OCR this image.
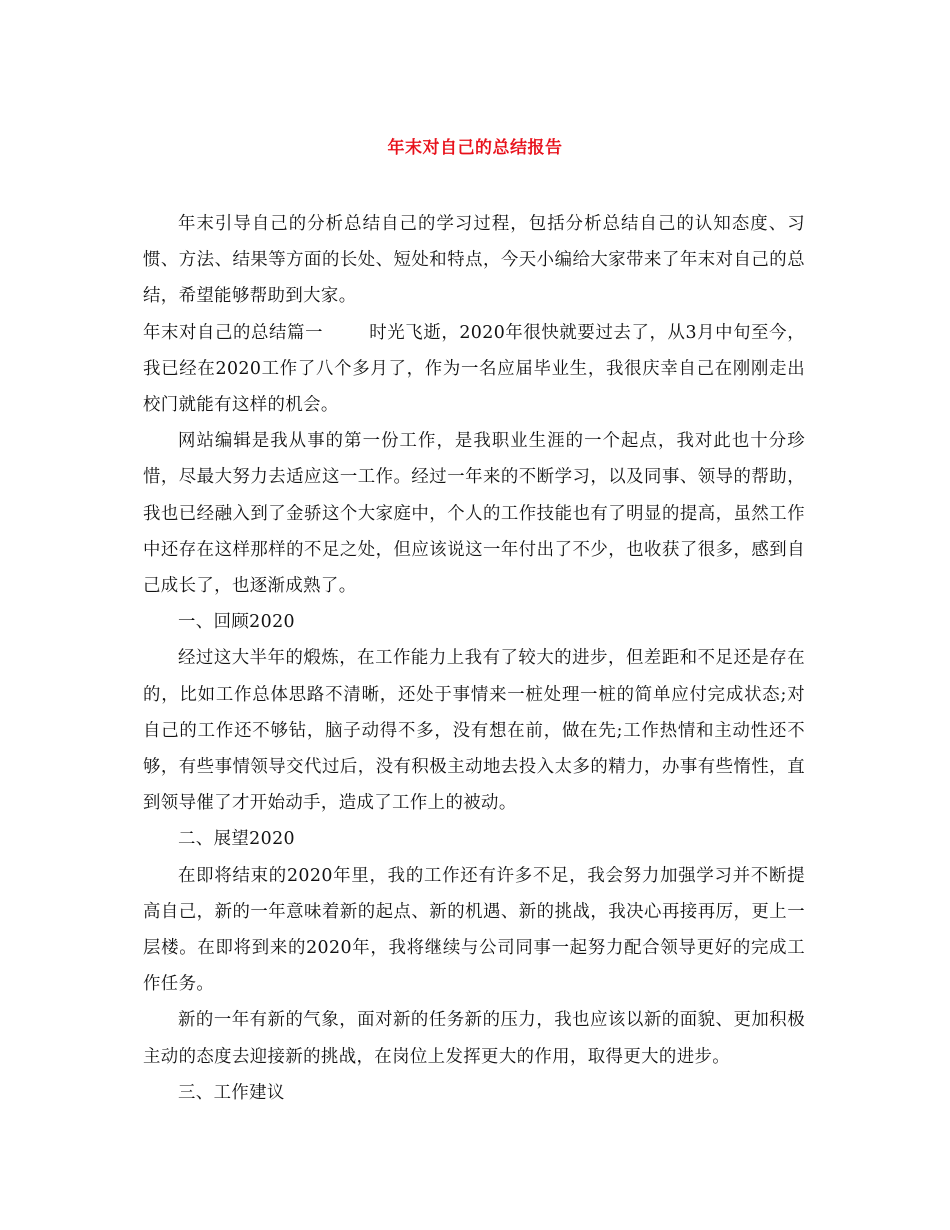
年末对自己的总结报告

年末引导自己的分析总结自己的学习过程，包括分析总结自己的认知态度、习惯、方法、结果等方面的长处、短处和特点，今天小编给大家带来了年末对自己的总结，希望能够帮助到大家。

年末对自己的总结篇一	时光飞逝，2020年很快就要过去了，从3月中旬至今，我已经在2020工作了八个多月了，作为一名应届毕业生，我很庆幸自己在刚刚走出校门就能有这样的机会。

网站编辑是我从事的第一份工作，是我职业生涯的一个起点，我对此也十分珍惜，尽最大努力去适应这一工作。经过一年来的不断学习，以及同事、领导的帮助，我也已经融入到了金骄这个大家庭中，个人的工作技能也有了明显的提高，虽然工作中还存在这样那样的不足之处，但应该说这一年付出了不少，也收获了很多，感到自己成长了，也逐渐成熟了。

一、回顾2020

经过这大半年的煅炼，在工作能力上我有了较大的进步，但差距和不足还是存在的，比如工作总体思路不清晰，还处于事情来一桩处理一桩的简单应付完成状态;对自己的工作还不够钻，脑子动得不多，没有想在前，做在先;工作热情和主动性还不够，有些事情领导交代过后，没有积极主动地去投入太多的精力，办事有些惰性，直到领导催了才开始动手，造成了工作上的被动。

二、展望2020

在即将结束的2020年里，我的工作还有许多不足，我会努力加强学习并不断提高自己，新的一年意味着新的起点、新的机遇、新的挑战，我决心再接再厉，更上一层楼。在即将到来的2020年，我将继续与公司同事一起努力配合领导更好的完成工作任务。

新的一年有新的气象，面对新的任务新的压力，我也应该以新的面貌、更加积极主动的态度去迎接新的挑战，在岗位上发挥更大的作用，取得更大的进步。

三、工作建议
